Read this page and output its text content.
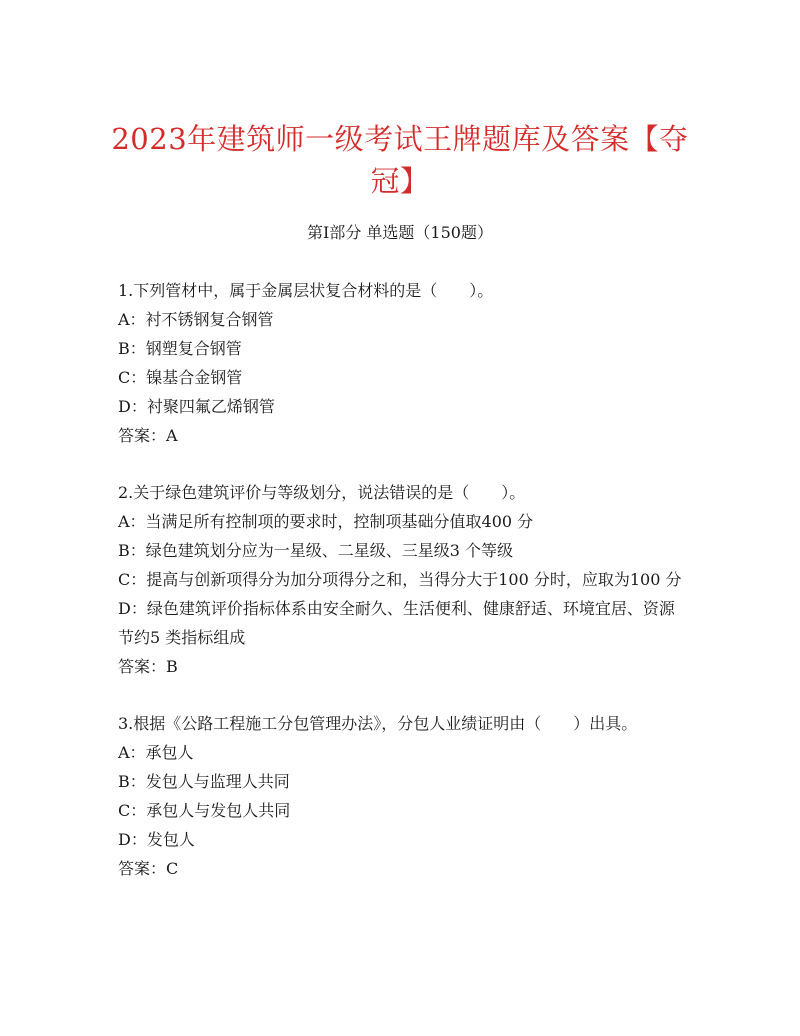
2023年建筑师一级考试王牌题库及答案【夺冠】
第I部分 单选题（150题）
1.下列管材中，属于金属层状复合材料的是（　　）。
A：衬不锈钢复合钢管
B：钢塑复合钢管
C：镍基合金钢管
D：衬聚四氟乙烯钢管
答案：A
2.关于绿色建筑评价与等级划分，说法错误的是（　　）。
A：当满足所有控制项的要求时，控制项基础分值取400 分
B：绿色建筑划分应为一星级、二星级、三星级3 个等级
C：提高与创新项得分为加分项得分之和，当得分大于100 分时，应取为100 分
D：绿色建筑评价指标体系由安全耐久、生活便利、健康舒适、环境宜居、资源节约5 类指标组成
答案：B
3.根据《公路工程施工分包管理办法》，分包人业绩证明由（　　）出具。
A：承包人
B：发包人与监理人共同
C：承包人与发包人共同
D：发包人
答案：C
